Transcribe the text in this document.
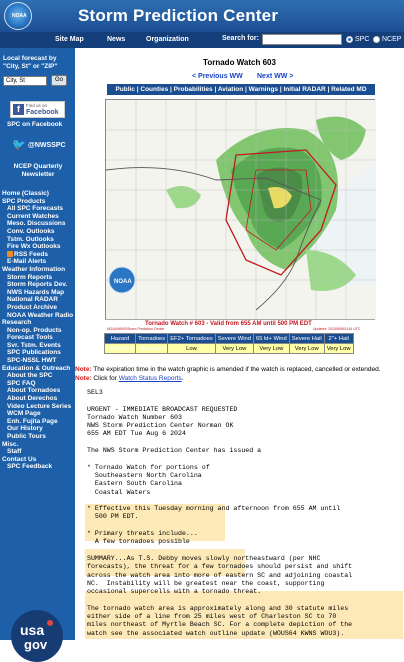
NOAA	Storm Prediction Center
Site Map	News	Organization	Search for:	SPC NCEP
Local forecast by "City, St" or "ZIP"
City, St	Go
f	Find us on
Facebook
SPC on Facebook
🐦 @NWSSPC
NCEP Quarterly Newsletter
Home (Classic)
SPC Products
All SPC Forecasts
Current Watches
Meso. Discussions
Conv. Outlooks
Tstm. Outlooks
Fire Wx Outlooks
RSS Feeds
E-Mail Alerts
Weather Information
Storm Reports
Storm Reports Dev.
NWS Hazards Map
National RADAR
Product Archive
NOAA Weather Radio
Research
Non-op. Products
Forecast Tools
Svr. Tstm. Events
SPC Publications
SPC-NSSL HWT
Education & Outreach
About the SPC
SPC FAQ
About Tornadoes
About Derechos
Video Lecture Series
WCM Page
Enh. Fujita Page
Our History
Public Tours
Misc.
Staff
Contact Us
SPC Feedback
usa
gov
Tornado Watch 603
< Previous WW Next WW >
Public | Counties | Probabilities | Aviation | Warnings | Initial RADAR | Related MD
NOAA
Tornado Watch # 603 - Valid from 655 AM until 500 PM EDT
NOAA/NWS/Storm Prediction Center	Updated: 20240806/1144 UTC
Hazard	Tornadoes	EF2+ Tornadoes	Severe Wind	65 kt+ Wind	Severe Hail	2"+ Hail
Likelihood	Moderate	Low	Very Low	Very Low	Very Low	Very Low
Note: The expiration time in the watch graphic is amended if the watch is replaced, cancelled or extended.
Note: Click for Watch Status Reports.
SEL3
URGENT - IMMEDIATE BROADCAST REQUESTED
Tornado Watch Number 603
NWS Storm Prediction Center Norman OK
655 AM EDT Tue Aug 6 2024
The NWS Storm Prediction Center has issued a
* Tornado Watch for portions of
Southeastern North Carolina
Eastern South Carolina
Coastal Waters
* Effective this Tuesday morning and afternoon from 655 AM until
500 PM EDT.
* Primary threats include...
A few tornadoes possible
SUMMARY...As T.S. Debby moves slowly northeastward (per NHC
forecasts), the threat for a few tornadoes should persist and shift
across the watch area into more of eastern SC and adjoining coastal
NC.  Instability will be greatest near the coast, supporting
occasional supercells with a tornado threat.
The tornado watch area is approximately along and 30 statute miles
either side of a line from 25 miles west of Charleston SC to 70
miles northeast of Myrtle Beach SC. For a complete depiction of the
watch see the associated watch outline update (WOUS64 KWNS WOU3).
